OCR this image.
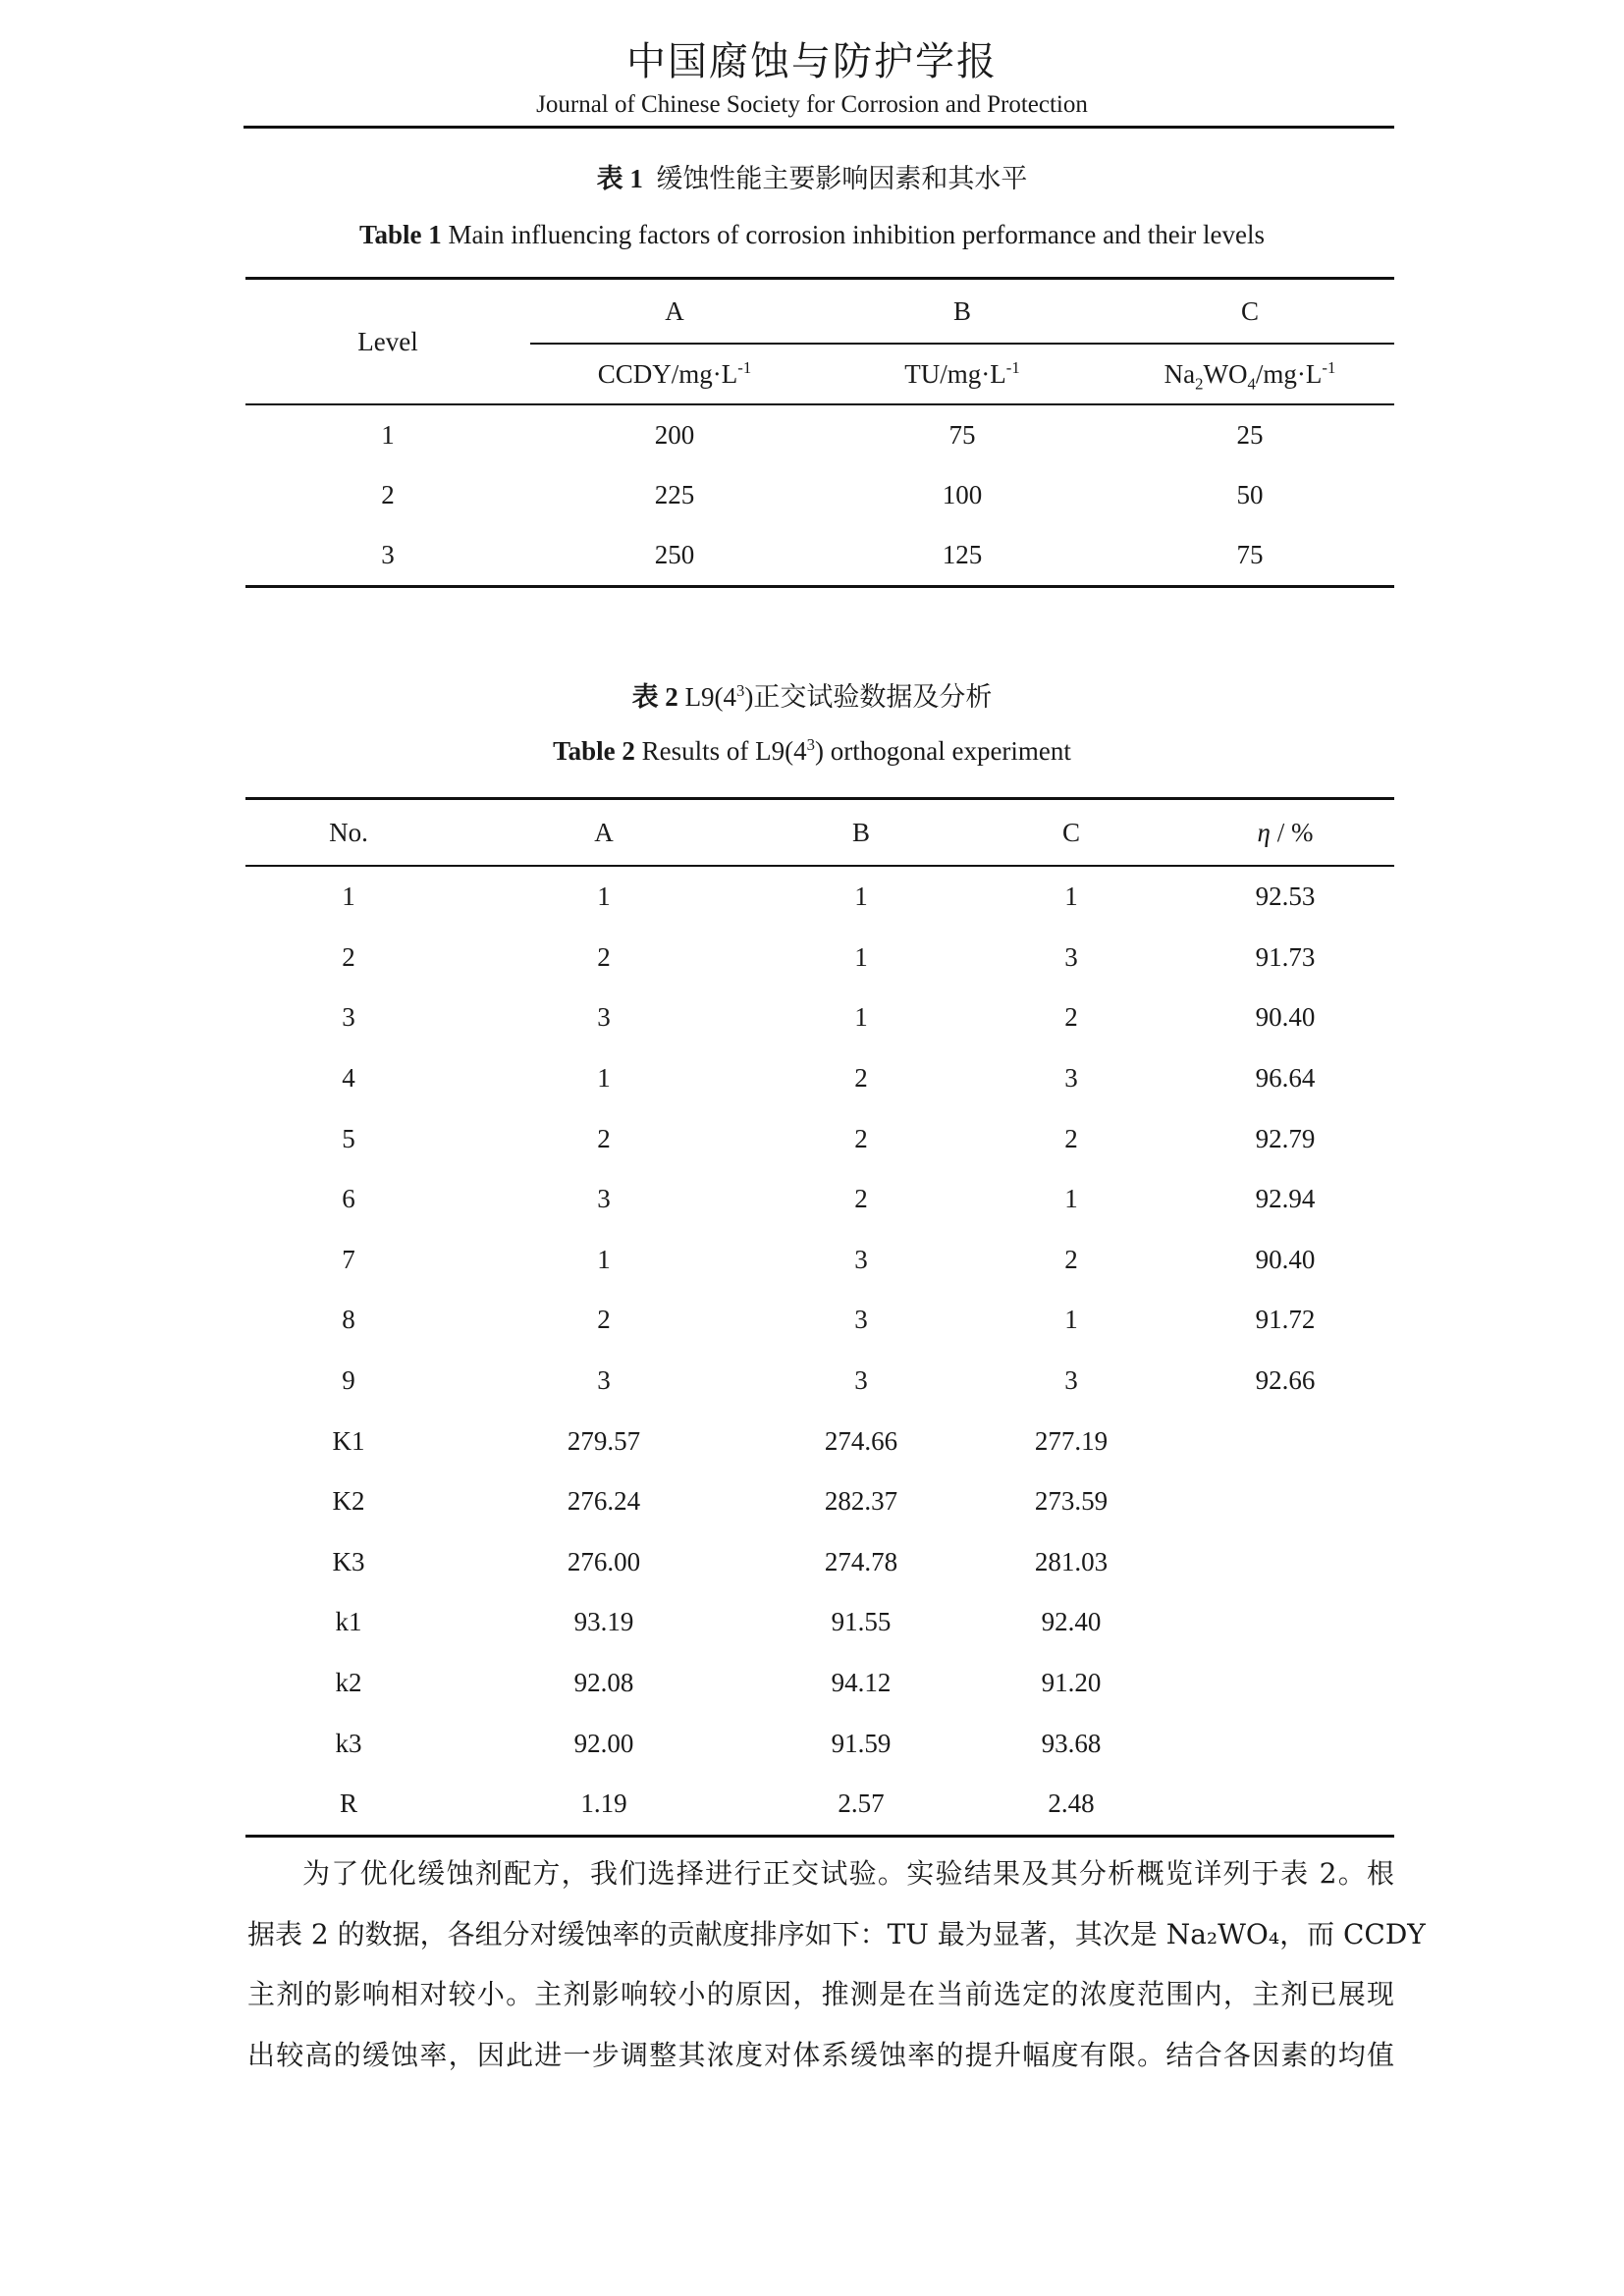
中国腐蚀与防护学报
Journal of Chinese Society for Corrosion and Protection
表 1 缓蚀性能主要影响因素和其水平
Table 1 Main influencing factors of corrosion inhibition performance and their levels
Level	A	B	C
	CCDY/$mg\cdot L^{-1}$	$TU/mg\cdot L^{-1}$	$Na_2WO_4/mg\cdot L^{-1}$
1	200	75	25
2	225	100	50
3	250	125	75
表 2 $L9(4^3)$正交试验数据及分析
Table 2 Results of $L9(4^3)$ orthogonal experiment
No.	A	B	C	η / %
1	1	1	1	92.53
2	2	1	3	91.73
3	3	1	2	90.40
4	1	2	3	96.64
5	2	2	2	92.79
6	3	2	1	92.94
7	1	3	2	90.40
8	2	3	1	91.72
9	3	3	3	92.66
K1	279.57	274.66	277.19	
K2	276.24	282.37	273.59	
K3	276.00	274.78	281.03	
k1	93.19	91.55	92.40	
k2	92.08	94.12	91.20	
k3	92.00	91.59	93.68	
R	1.19	2.57	2.48	
为了优化缓蚀剂配方，我们选择进行正交试验。实验结果及其分析概览详列于表 2。根
据表 2 的数据，各组分对缓蚀率的贡献度排序如下：TU 最为显著，其次是 Na₂WO₄，而 CCDY
主剂的影响相对较小。主剂影响较小的原因，推测是在当前选定的浓度范围内，主剂已展现
出较高的缓蚀率，因此进一步调整其浓度对体系缓蚀率的提升幅度有限。结合各因素的均值
